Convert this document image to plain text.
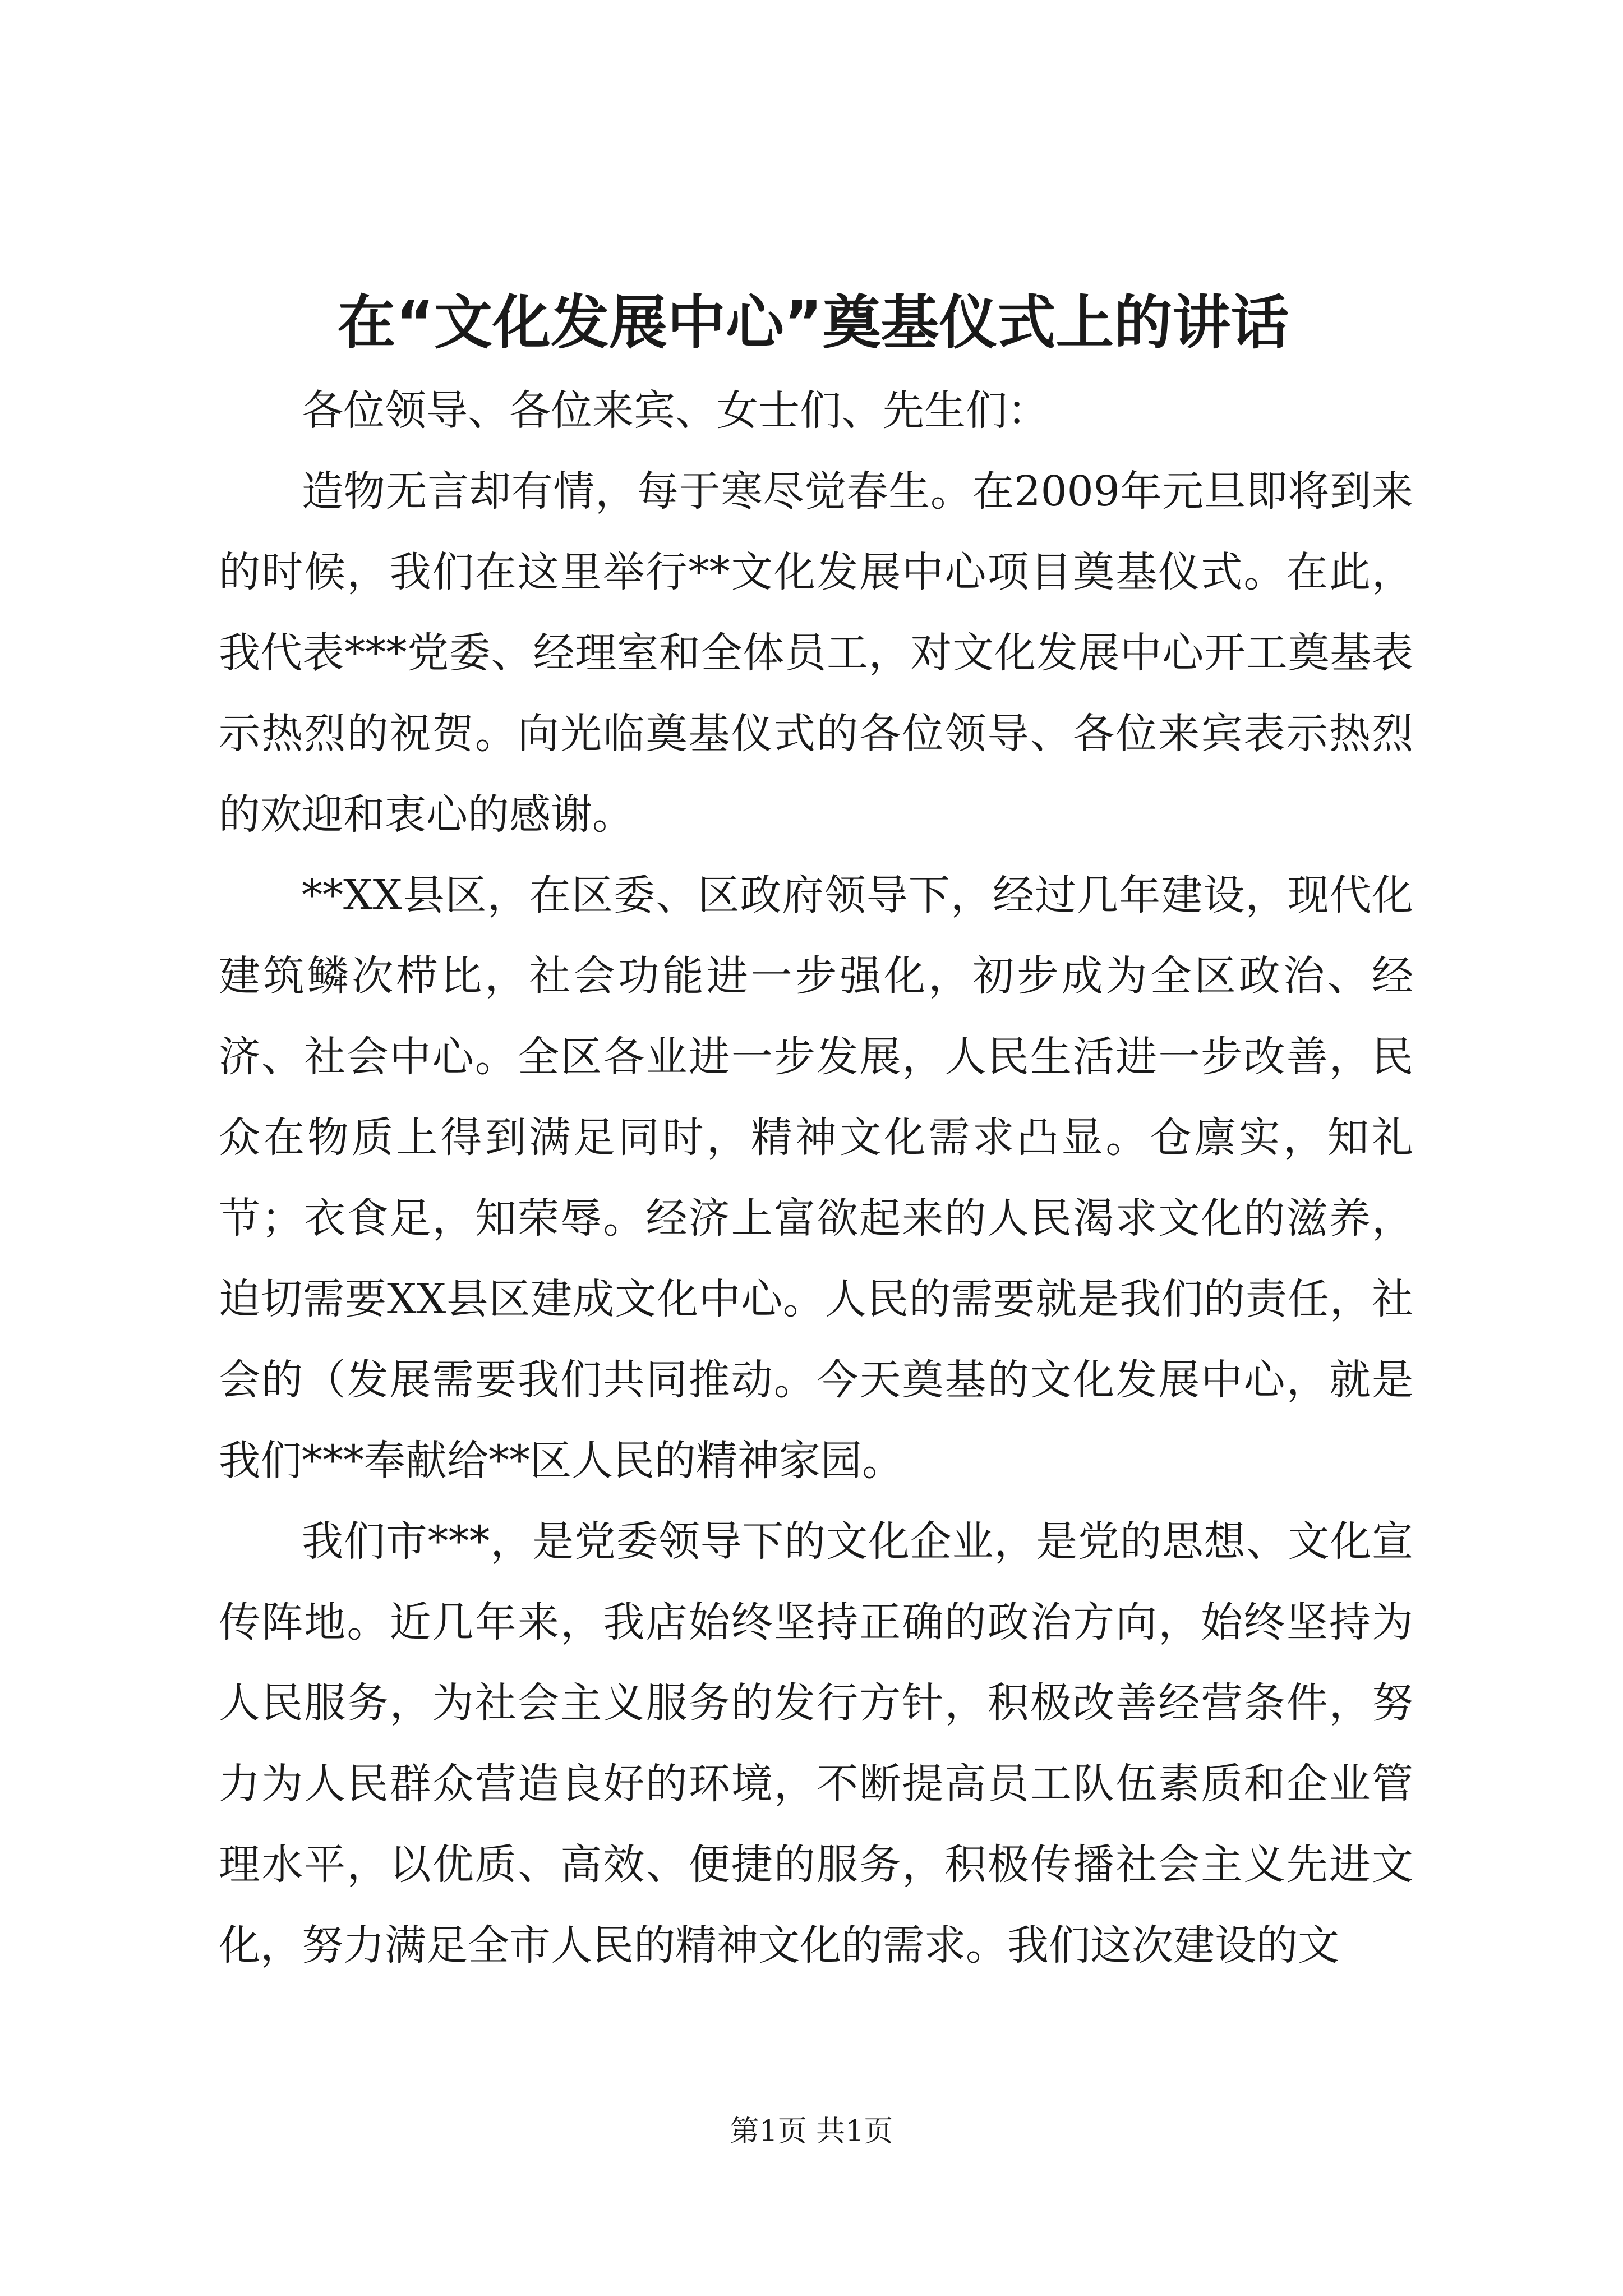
在“文化发展中心”奠基仪式上的讲话

各位领导、各位来宾、女士们、先生们：

造物无言却有情，每于寒尽觉春生。在2009年元旦即将到来的时候，我们在这里举行**文化发展中心项目奠基仪式。在此，我代表***党委、经理室和全体员工，对文化发展中心开工奠基表示热烈的祝贺。向光临奠基仪式的各位领导、各位来宾表示热烈的欢迎和衷心的感谢。

**XX县区，在区委、区政府领导下，经过几年建设，现代化建筑鳞次栉比，社会功能进一步强化，初步成为全区政治、经济、社会中心。全区各业进一步发展，人民生活进一步改善，民众在物质上得到满足同时，精神文化需求凸显。仓廪实，知礼节；衣食足，知荣辱。经济上富欲起来的人民渴求文化的滋养，迫切需要XX县区建成文化中心。人民的需要就是我们的责任，社会的（发展需要我们共同推动。今天奠基的文化发展中心，就是我们***奉献给**区人民的精神家园。

我们市***，是党委领导下的文化企业，是党的思想、文化宣传阵地。近几年来，我店始终坚持正确的政治方向，始终坚持为人民服务，为社会主义服务的发行方针，积极改善经营条件，努力为人民群众营造良好的环境，不断提高员工队伍素质和企业管理水平，以优质、高效、便捷的服务，积极传播社会主义先进文化，努力满足全市人民的精神文化的需求。我们这次建设的文

第1页 共1页
